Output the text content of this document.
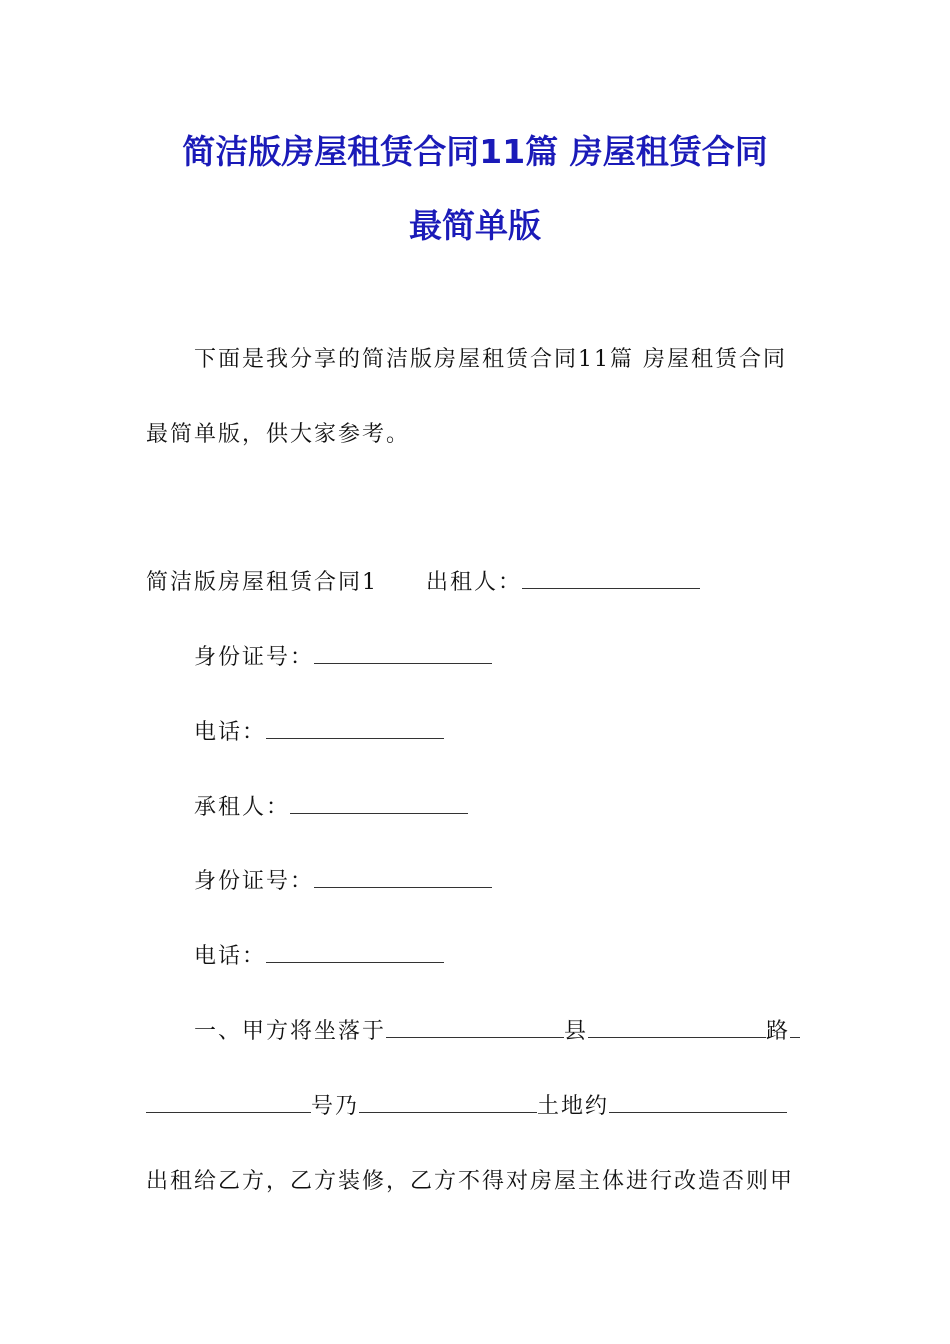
简洁版房屋租赁合同11篇 房屋租赁合同
最简单版
下面是我分享的简洁版房屋租赁合同11篇 房屋租赁合同
最简单版，供大家参考。
简洁版房屋租赁合同1 出租人：
身份证号：
电话：
承租人：
身份证号：
电话：
一、甲方将坐落于	县	路
号乃	土地约
出租给乙方，乙方装修，乙方不得对房屋主体进行改造否则甲
